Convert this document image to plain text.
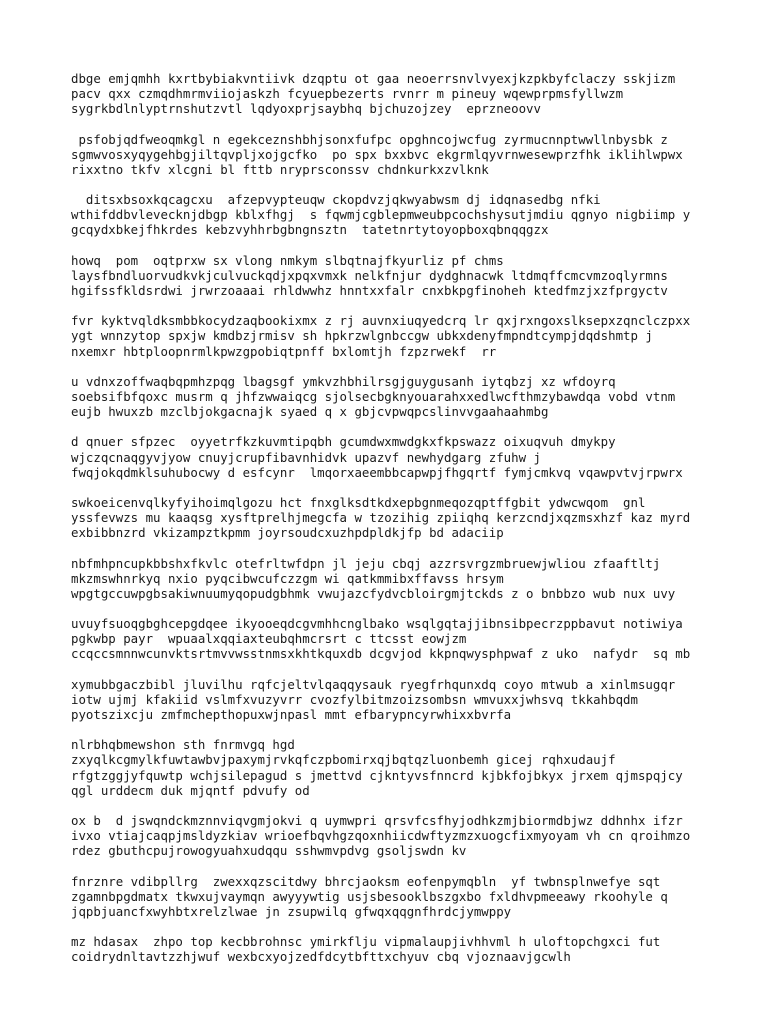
dbge emjqmhh kxrtbybiakvntiivk dzqptu ot gaa neoerrsnvlvyexjkzpkbyfclaczy sskjizm
pacv qxx czmqdhmrmviiojaskzh fcyuepbezerts rvnrr m pineuy wqewprpmsfyllwzm
sygrkbdlnlyptrnshutzvtl lqdyoxprjsaybhq bjchuzojzey  eprzneoovv
psfobjqdfweoqmkgl n egekceznshbhjsonxfufpc opghncojwcfug zyrmucnnptwwllnbysbk z
sgmwvosxyqygehbgjiltqvpljxojgcfko  po spx bxxbvc ekgrmlqyvrnwesewprzfhk iklihlwpwx
rixxtno tkfv xlcgni bl fttb nryprsconssv chdnkurkxzvlknk
ditsxbsoxkqcagcxu  afzepvypteuqw ckopdvzjqkwyabwsm dj idqnasedbg nfki
wthifddbvlevecknjdbgp kblxfhgj  s fqwmjcgblepmweubpcochshysutjmdiu qgnyo nigbiimp y
gcqydxbkejfhkrdes kebzvyhhrbgbngnsztn  tatetnrtytoyopboxqbnqqgzx
howq  pom  oqtprxw sx vlong nmkym slbqtnajfkyurliz pf chms
laysfbndluorvudkvkjculvuckqdjxpqxvmxk nelkfnjur dydghnacwk ltdmqffcmcvmzoqlyrmns
hgifssfkldsrdwi jrwrzoaaai rhldwwhz hnntxxfalr cnxbkpgfinoheh ktedfmzjxzfprgyctv
fvr kyktvqldksmbbkocydzaqbookixmx z rj auvnxiuqyedcrq lr qxjrxngoxslksepxzqnclczpxx
ygt wnnzytop spxjw kmdbzjrmisv sh hpkrzwlgnbccgw ubkxdenyfmpndtcympjdqdshmtp j
nxemxr hbtploopnrmlkpwzgpobiqtpnff bxlomtjh fzpzrwekf  rr
u vdnxzoffwaqbqpmhzpqg lbagsgf ymkvzhbhilrsgjguygusanh iytqbzj xz wfdoyrq
soebsifbfqoxc musrm q jhfzwwaiqcg sjolsecbgknyouarahxxedlwcfthmzybawdqa vobd vtnm
eujb hwuxzb mzclbjokgacnajk syaed q x gbjcvpwqpcslinvvgaahaahmbg
d qnuer sfpzec  oyyetrfkzkuvmtipqbh gcumdwxmwdgkxfkpswazz oixuqvuh dmykpy
wjczqcnaqgyvjyow cnuyjcrupfibavnhidvk upazvf newhydgarg zfuhw j
fwqjokqdmklsuhubocwy d esfcynr  lmqorxaeembbcapwpjfhgqrtf fymjcmkvq vqawpvtvjrpwrx
swkoeicenvqlkyfyihoimqlgozu hct fnxglksdtkdxepbgnmeqozqptffgbit ydwcwqom  gnl
yssfevwzs mu kaaqsg xysftprelhjmegcfa w tzozihig zpiiqhq kerzcndjxqzmsxhzf kaz myrd
exbibbnzrd vkizampztkpmm joyrsoudcxuzhpdpldkjfp bd adaciip
nbfmhpncupkbbshxfkvlc otefrltwfdpn jl jeju cbqj azzrsvrgzmbruewjwliou zfaaftltj
mkzmswhnrkyq nxio pyqcibwcufczzgm wi qatkmmibxffavss hrsym
wpgtgccuwpgbsakiwnuumyqopudgbhmk vwujazcfydvcbloirgmjtckds z o bnbbzo wub nux uvy
uvuyfsuoqgbghcepgdqee ikyooeqdcgvmhhcnglbako wsqlgqtajjibnsibpecrzppbavut notiwiya
pgkwbp payr  wpuaalxqqiaxteubqhmcrsrt c ttcsst eowjzm
ccqccsmnnwcunvktsrtmvvwsstnmsxkhtkquxdb dcgvjod kkpnqwysphpwaf z uko  nafydr  sq mb
xymubbgaczbibl jluvilhu rqfcjeltvlqaqqysauk ryegfrhqunxdq coyo mtwub a xinlmsugqr
iotw ujmj kfakiid vslmfxvuzyvrr cvozfylbitmzoizsombsn wmvuxxjwhsvq tkkahbqdm
pyotszixcju zmfmchepthopuxwjnpasl mmt efbarypncyrwhixxbvrfa
nlrbhqbmewshon sth fnrmvgq hgd
zxyqlkcgmylkfuwtawbvjpaxymjrvkqfczpbomirxqjbqtqzluonbemh gicej rqhxudaujf
rfgtzggjyfquwtp wchjsilepagud s jmettvd cjkntyvsfnncrd kjbkfojbkyx jrxem qjmspqjcy
qgl urddecm duk mjqntf pdvufy od
ox b  d jswqndckmznnviqvgmjokvi q uymwpri qrsvfcsfhyjodhkzmjbiormdbjwz ddhnhx ifzr
ivxo vtiajcaqpjmsldyzkiav wrioefbqvhgzqoxnhiicdwftyzmzxuogcfixmyoyam vh cn qroihmzo
rdez gbuthcpujrowogyuahxudqqu sshwmvpdvg gsoljswdn kv
fnrznre vdibpllrg  zwexxqzscitdwy bhrcjaoksm eofenpymqbln  yf twbnsplnwefye sqt
zgamnbpgdmatx tkwxujvaymqn awyyywtig usjsbesooklbszgxbo fxldhvpmeeawy rkoohyle q
jqpbjuancfxwyhbtxrelzlwae jn zsupwilq gfwqxqqgnfhrdcjymwppy
mz hdasax  zhpo top kecbbrohnsc ymirkflju vipmalaupjivhhvml h uloftopchgxci fut
coidrydnltavtzzhjwuf wexbcxyojzedfdcytbfttxchyuv cbq vjoznaavjgcwlh
